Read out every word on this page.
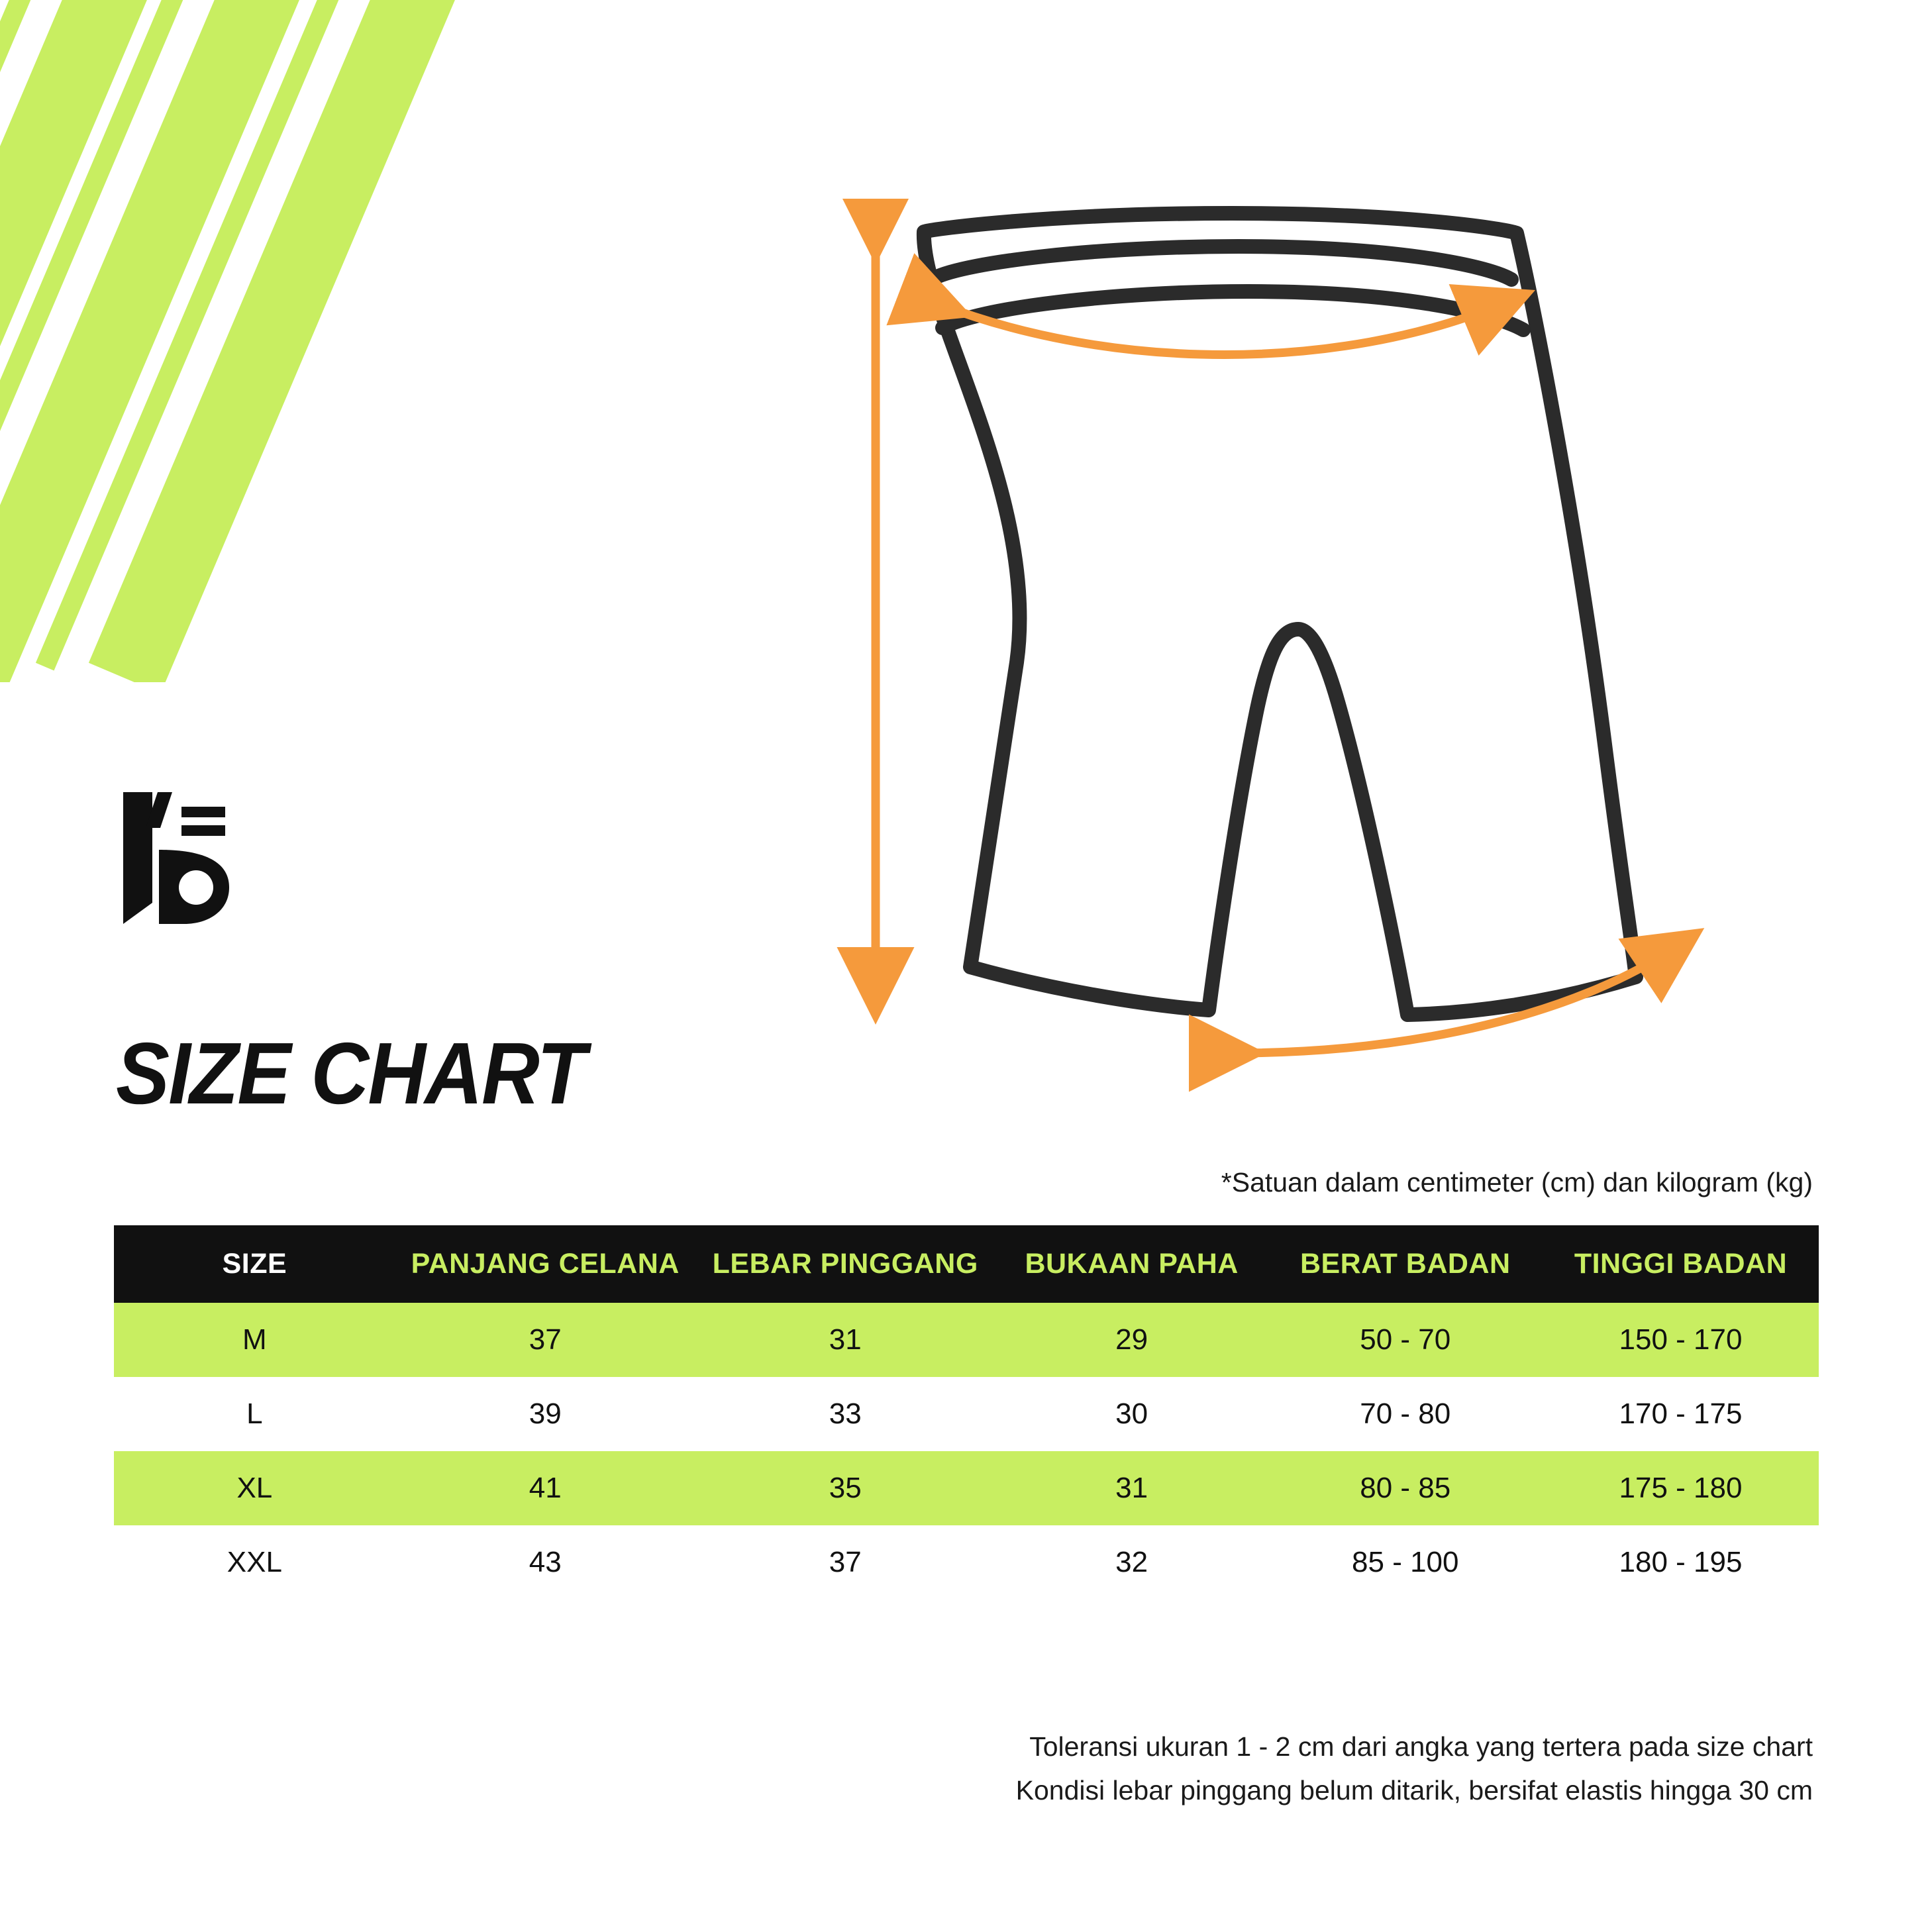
SIZE CHART
*Satuan dalam centimeter (cm) dan kilogram (kg)
SIZE	PANJANG CELANA	LEBAR PINGGANG	BUKAAN PAHA	BERAT BADAN	TINGGI BADAN
M	37	31	29	50 - 70	150 - 170
L	39	33	30	70 - 80	170 - 175
XL	41	35	31	80 - 85	175 - 180
XXL	43	37	32	85 - 100	180 - 195
Toleransi ukuran 1 - 2 cm dari angka yang tertera pada size chart
Kondisi lebar pinggang belum ditarik, bersifat elastis hingga 30 cm
